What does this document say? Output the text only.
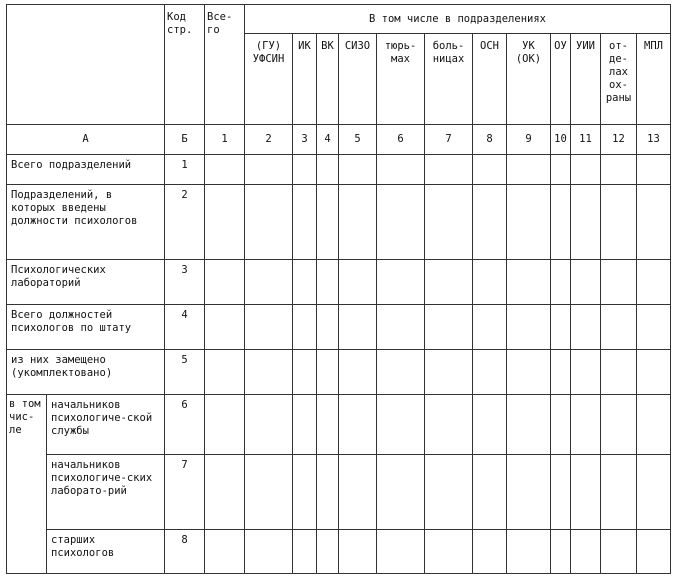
		Код стр.	Все-го	В том числе в подразделениях											
				(ГУ) УФСИН	ИК	ВК	СИЗО	тюрь-мах	боль-ницах	ОСН	УК (ОК)	ОУ	УИИ	от-де-лах ох-раны	МПЛ
А		Б	1	2	3	4	5	6	7	8	9	10	11	12	13
Всего подразделений		1													
Подразделений, в которых введены должности психологов		2													
Психологических лабораторий		3													
Всего должностей психологов по штату		4													
из них замещено (укомплектовано)		5													
в том чис-ле	начальников психологиче-ской службы	6													
	начальников психологиче-ских лаборато-рий	7													
	старших психологов	8													
